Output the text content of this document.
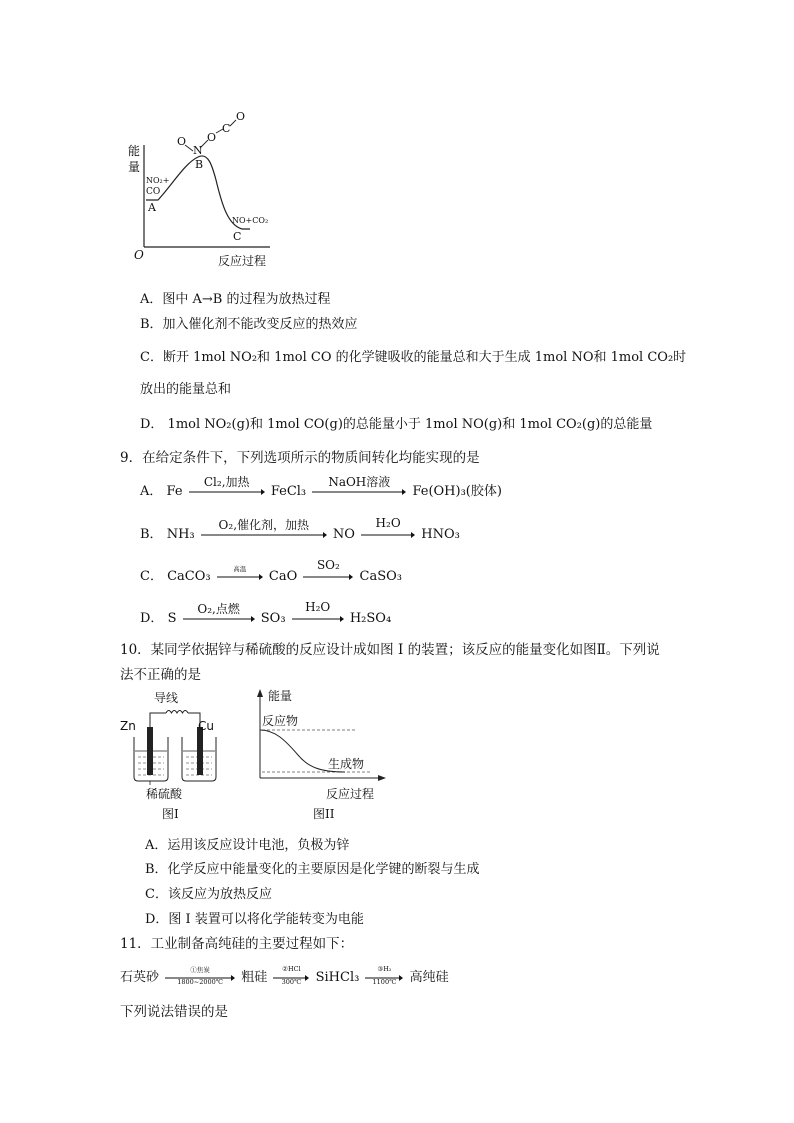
能
量
O
N
O
C
O
B
NO₂+
CO
A
NO+CO₂
C
O	反应过程
A．图中 A→B 的过程为放热过程
B．加入催化剂不能改变反应的热效应
C．断开 1mol NO₂和 1mol CO 的化学键吸收的能量总和大于生成 1mol NO和 1mol CO₂时
放出的能量总和
D． 1mol NO₂(g)和 1mol CO(g)的总能量小于 1mol NO(g)和 1mol CO₂(g)的总能量
9．在给定条件下，下列选项所示的物质间转化均能实现的是
A． Fe
Cl₂,加热
FeCl₃
NaOH溶液
Fe(OH)₃(胶体)
B． NH₃
O₂,催化剂，加热
NO
H₂O
HNO₃
C． CaCO₃
高温
CaO
SO₂
CaSO₃
D． S
O₂,点燃
SO₃
H₂O
H₂SO₄
10．某同学依据锌与稀硫酸的反应设计成如图 I 的装置；该反应的能量变化如图Ⅱ。下列说
法不正确的是
导线
Zn	Cu
稀硫酸
图I
能量
反应物
生成物
反应过程
图II
A．运用该反应设计电池，负极为锌
B．化学反应中能量变化的主要原因是化学键的断裂与生成
C．该反应为放热反应
D．图 I 装置可以将化学能转变为电能
11．工业制备高纯硅的主要过程如下：
石英砂
①焦炭
1800~2000℃	粗硅
②HCl
300℃	SiHCl₃
③H₂
1100℃	高纯硅
下列说法错误的是
